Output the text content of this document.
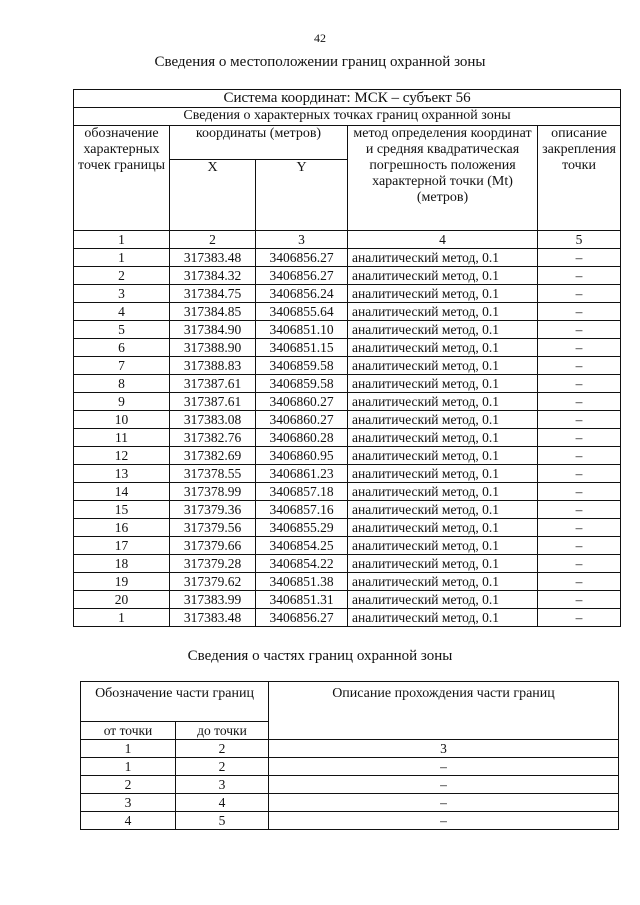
42
Сведения о местоположении границ охранной зоны
Система координат: МСК – субъект 56				
Сведения о характерных точках границ охранной зоны				
обозначение характерных точек границы	координаты (метров)		метод определения координат и средняя квадратическая погрешность положения характерной точки (Mt) (метров)	описание закрепления точки
	X	Y		
1	2	3	4	5
1	317383.48	3406856.27	аналитический метод, 0.1	–
2	317384.32	3406856.27	аналитический метод, 0.1	–
3	317384.75	3406856.24	аналитический метод, 0.1	–
4	317384.85	3406855.64	аналитический метод, 0.1	–
5	317384.90	3406851.10	аналитический метод, 0.1	–
6	317388.90	3406851.15	аналитический метод, 0.1	–
7	317388.83	3406859.58	аналитический метод, 0.1	–
8	317387.61	3406859.58	аналитический метод, 0.1	–
9	317387.61	3406860.27	аналитический метод, 0.1	–
10	317383.08	3406860.27	аналитический метод, 0.1	–
11	317382.76	3406860.28	аналитический метод, 0.1	–
12	317382.69	3406860.95	аналитический метод, 0.1	–
13	317378.55	3406861.23	аналитический метод, 0.1	–
14	317378.99	3406857.18	аналитический метод, 0.1	–
15	317379.36	3406857.16	аналитический метод, 0.1	–
16	317379.56	3406855.29	аналитический метод, 0.1	–
17	317379.66	3406854.25	аналитический метод, 0.1	–
18	317379.28	3406854.22	аналитический метод, 0.1	–
19	317379.62	3406851.38	аналитический метод, 0.1	–
20	317383.99	3406851.31	аналитический метод, 0.1	–
1	317383.48	3406856.27	аналитический метод, 0.1	–
Сведения о частях границ охранной зоны
Обозначение части границ		Описание прохождения части границ
от точки	до точки	
1	2	3
1	2	–
2	3	–
3	4	–
4	5	–
